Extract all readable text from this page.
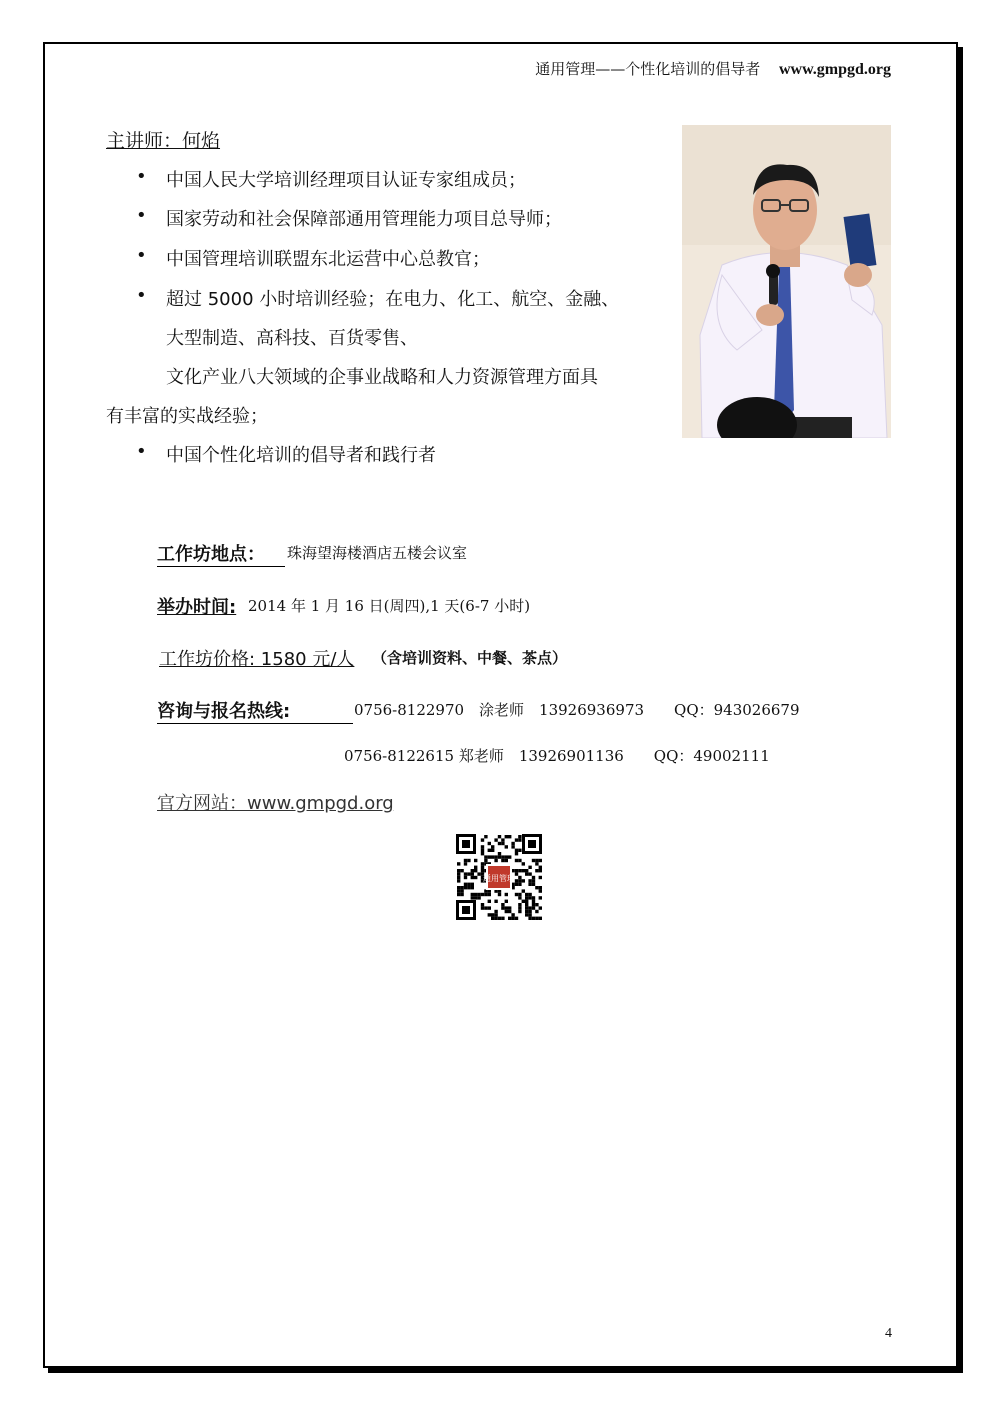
通用管理——个性化培训的倡导者 www.gmpgd.org
主讲师：何焰
• 中国人民大学培训经理项目认证专家组成员；
• 国家劳动和社会保障部通用管理能力项目总导师；
• 中国管理培训联盟东北运营中心总教官；
• 超过 5000 小时培训经验；在电力、化工、航空、金融、
大型制造、高科技、百货零售、
文化产业八大领域的企事业战略和人力资源管理方面具
有丰富的实战经验；
• 中国个性化培训的倡导者和践行者
工作坊地点：	珠海望海楼酒店五楼会议室
举办时间: 2014 年 1 月 16 日(周四),1 天(6-7 小时)
工作坊价格: 1580 元/人 （含培训资料、中餐、茶点）
咨询与报名热线:	0756-8122970　涂老师　13926936973　　QQ：943026679
0756-8122615 郑老师　13926901136　　QQ：49002111
官方网站：www.gmpgd.org
通用管理
4
